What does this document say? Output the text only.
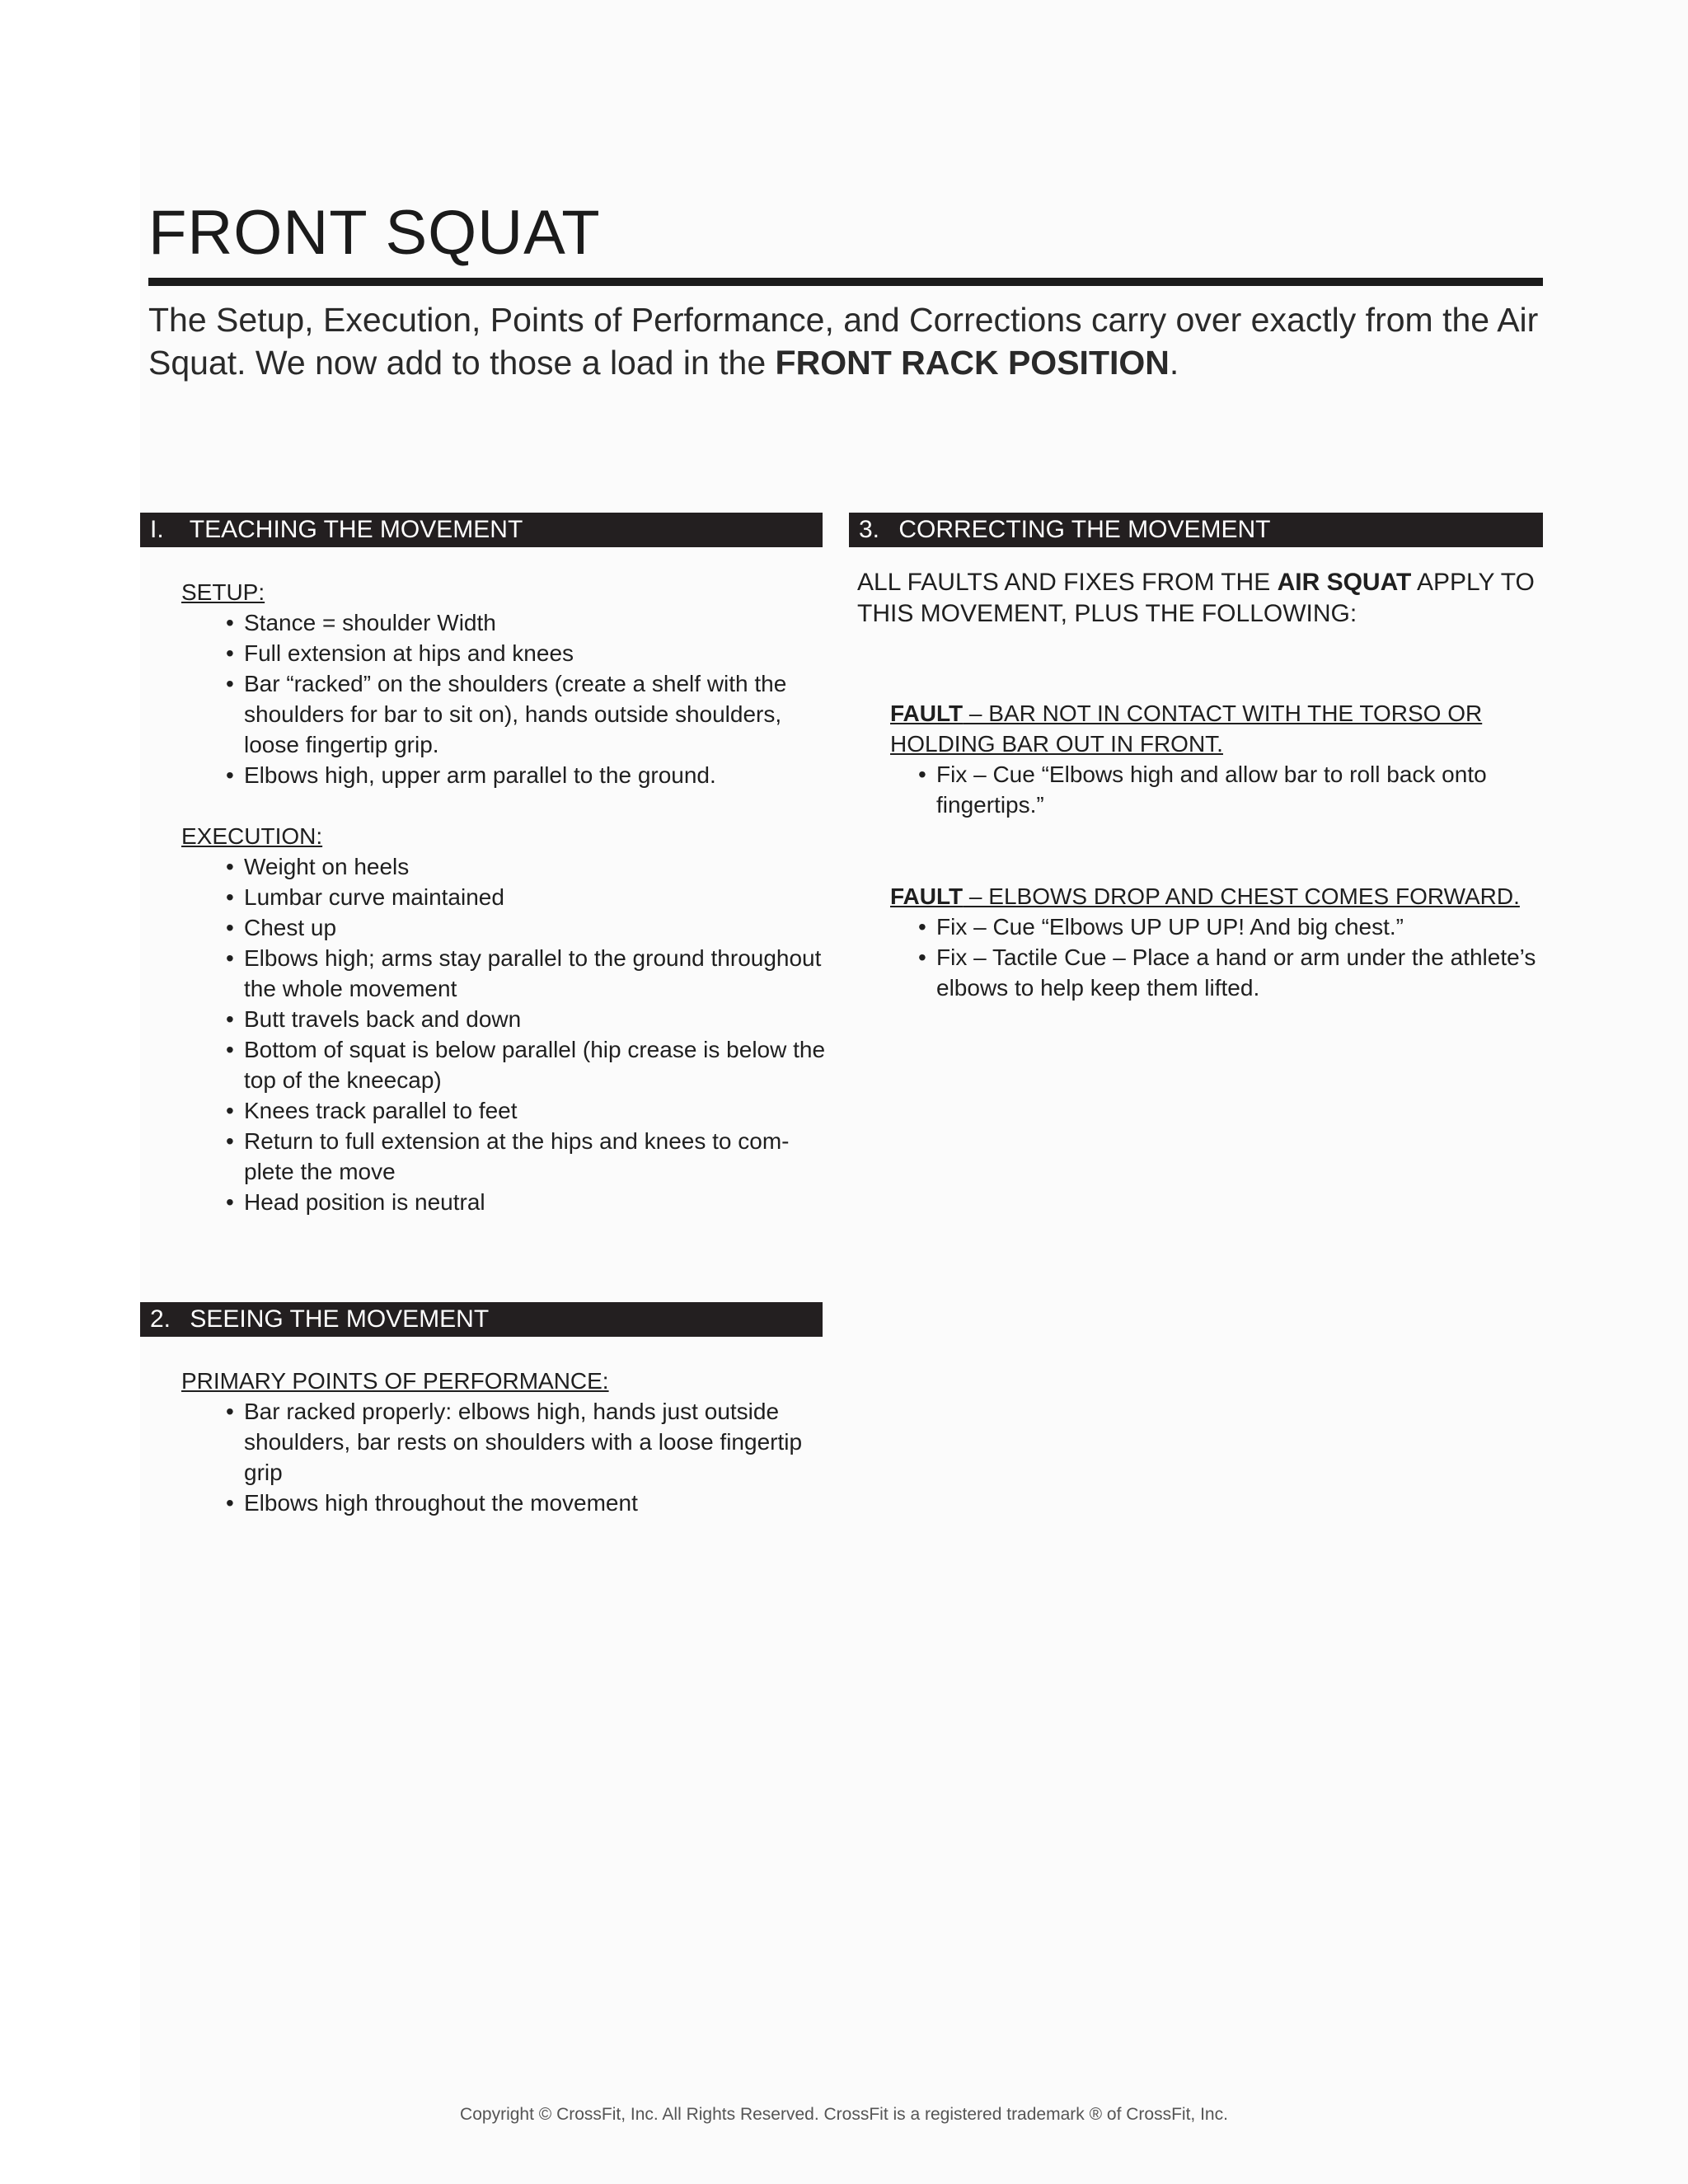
FRONT SQUAT

The Setup, Execution, Points of Performance, and Corrections carry over exactly from the Air Squat. We now add to those a load in the FRONT RACK POSITION.

I. TEACHING THE MOVEMENT

SETUP:

• Stance = shoulder Width
• Full extension at hips and knees
• Bar “racked” on the shoulders (create a shelf with the shoulders for bar to sit on), hands outside shoulders, loose fingertip grip.
• Elbows high, upper arm parallel to the ground.

EXECUTION:

• Weight on heels
• Lumbar curve maintained
• Chest up
• Elbows high; arms stay parallel to the ground throughout the whole movement
• Butt travels back and down
• Bottom of squat is below parallel (hip crease is below the top of the kneecap)
• Knees track parallel to feet
• Return to full extension at the hips and knees to com-plete the move
• Head position is neutral
2. SEEING THE MOVEMENT

PRIMARY POINTS OF PERFORMANCE:

• Bar racked properly: elbows high, hands just outside shoulders, bar rests on shoulders with a loose fingertip grip
• Elbows high throughout the movement
3. CORRECTING THE MOVEMENT

ALL FAULTS AND FIXES FROM THE AIR SQUAT APPLY TO THIS MOVEMENT, PLUS THE FOLLOWING:

FAULT – BAR NOT IN CONTACT WITH THE TORSO OR HOLDING BAR OUT IN FRONT.

• Fix – Cue “Elbows high and allow bar to roll back onto fingertips.”

FAULT – ELBOWS DROP AND CHEST COMES FORWARD.

• Fix – Cue “Elbows UP UP UP! And big chest.”
• Fix – Tactile Cue – Place a hand or arm under the athlete’s elbows to help keep them lifted.
Copyright © CrossFit, Inc. All Rights Reserved. CrossFit is a registered trademark ® of CrossFit, Inc.
